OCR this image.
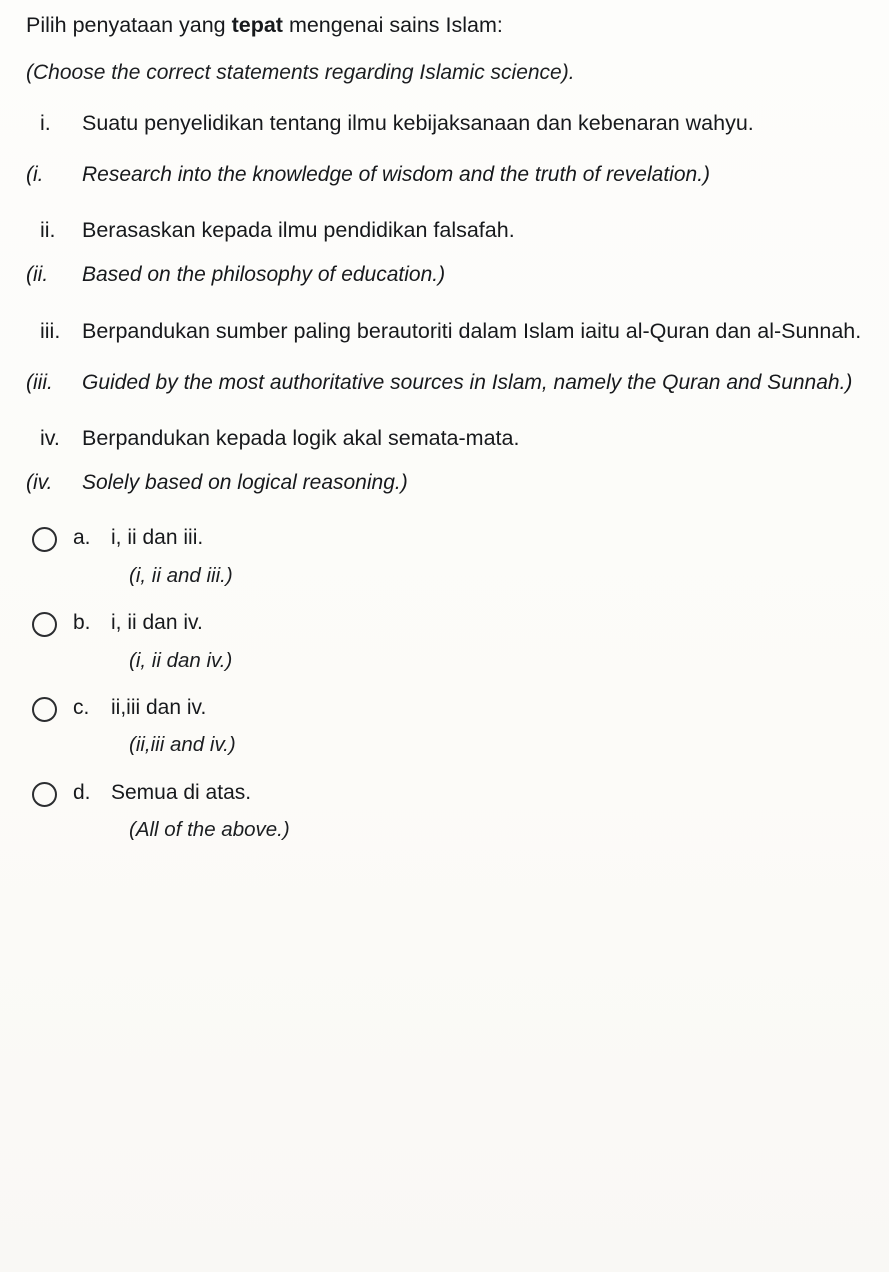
Pilih penyataan yang tepat mengenai sains Islam:

(Choose the correct statements regarding Islamic science).

i.	Suatu penyelidikan tentang ilmu kebijaksanaan dan kebenaran wahyu.
(i.	Research into the knowledge of wisdom and the truth of revelation.)
ii.	Berasaskan kepada ilmu pendidikan falsafah.
(ii.	Based on the philosophy of education.)
iii.	Berpandukan sumber paling berautoriti dalam Islam iaitu al-Quran dan al-Sunnah.
(iii.	Guided by the most authoritative sources in Islam, namely the Quran and Sunnah.)
iv.	Berpandukan kepada logik akal semata-mata.
(iv.	Solely based on logical reasoning.)
a. i, ii dan iii.
(i, ii and iii.)
b. i, ii dan iv.
(i, ii dan iv.)
c.	ii,iii dan iv.
(ii,iii and iv.)
d. Semua di atas.
(All of the above.)
